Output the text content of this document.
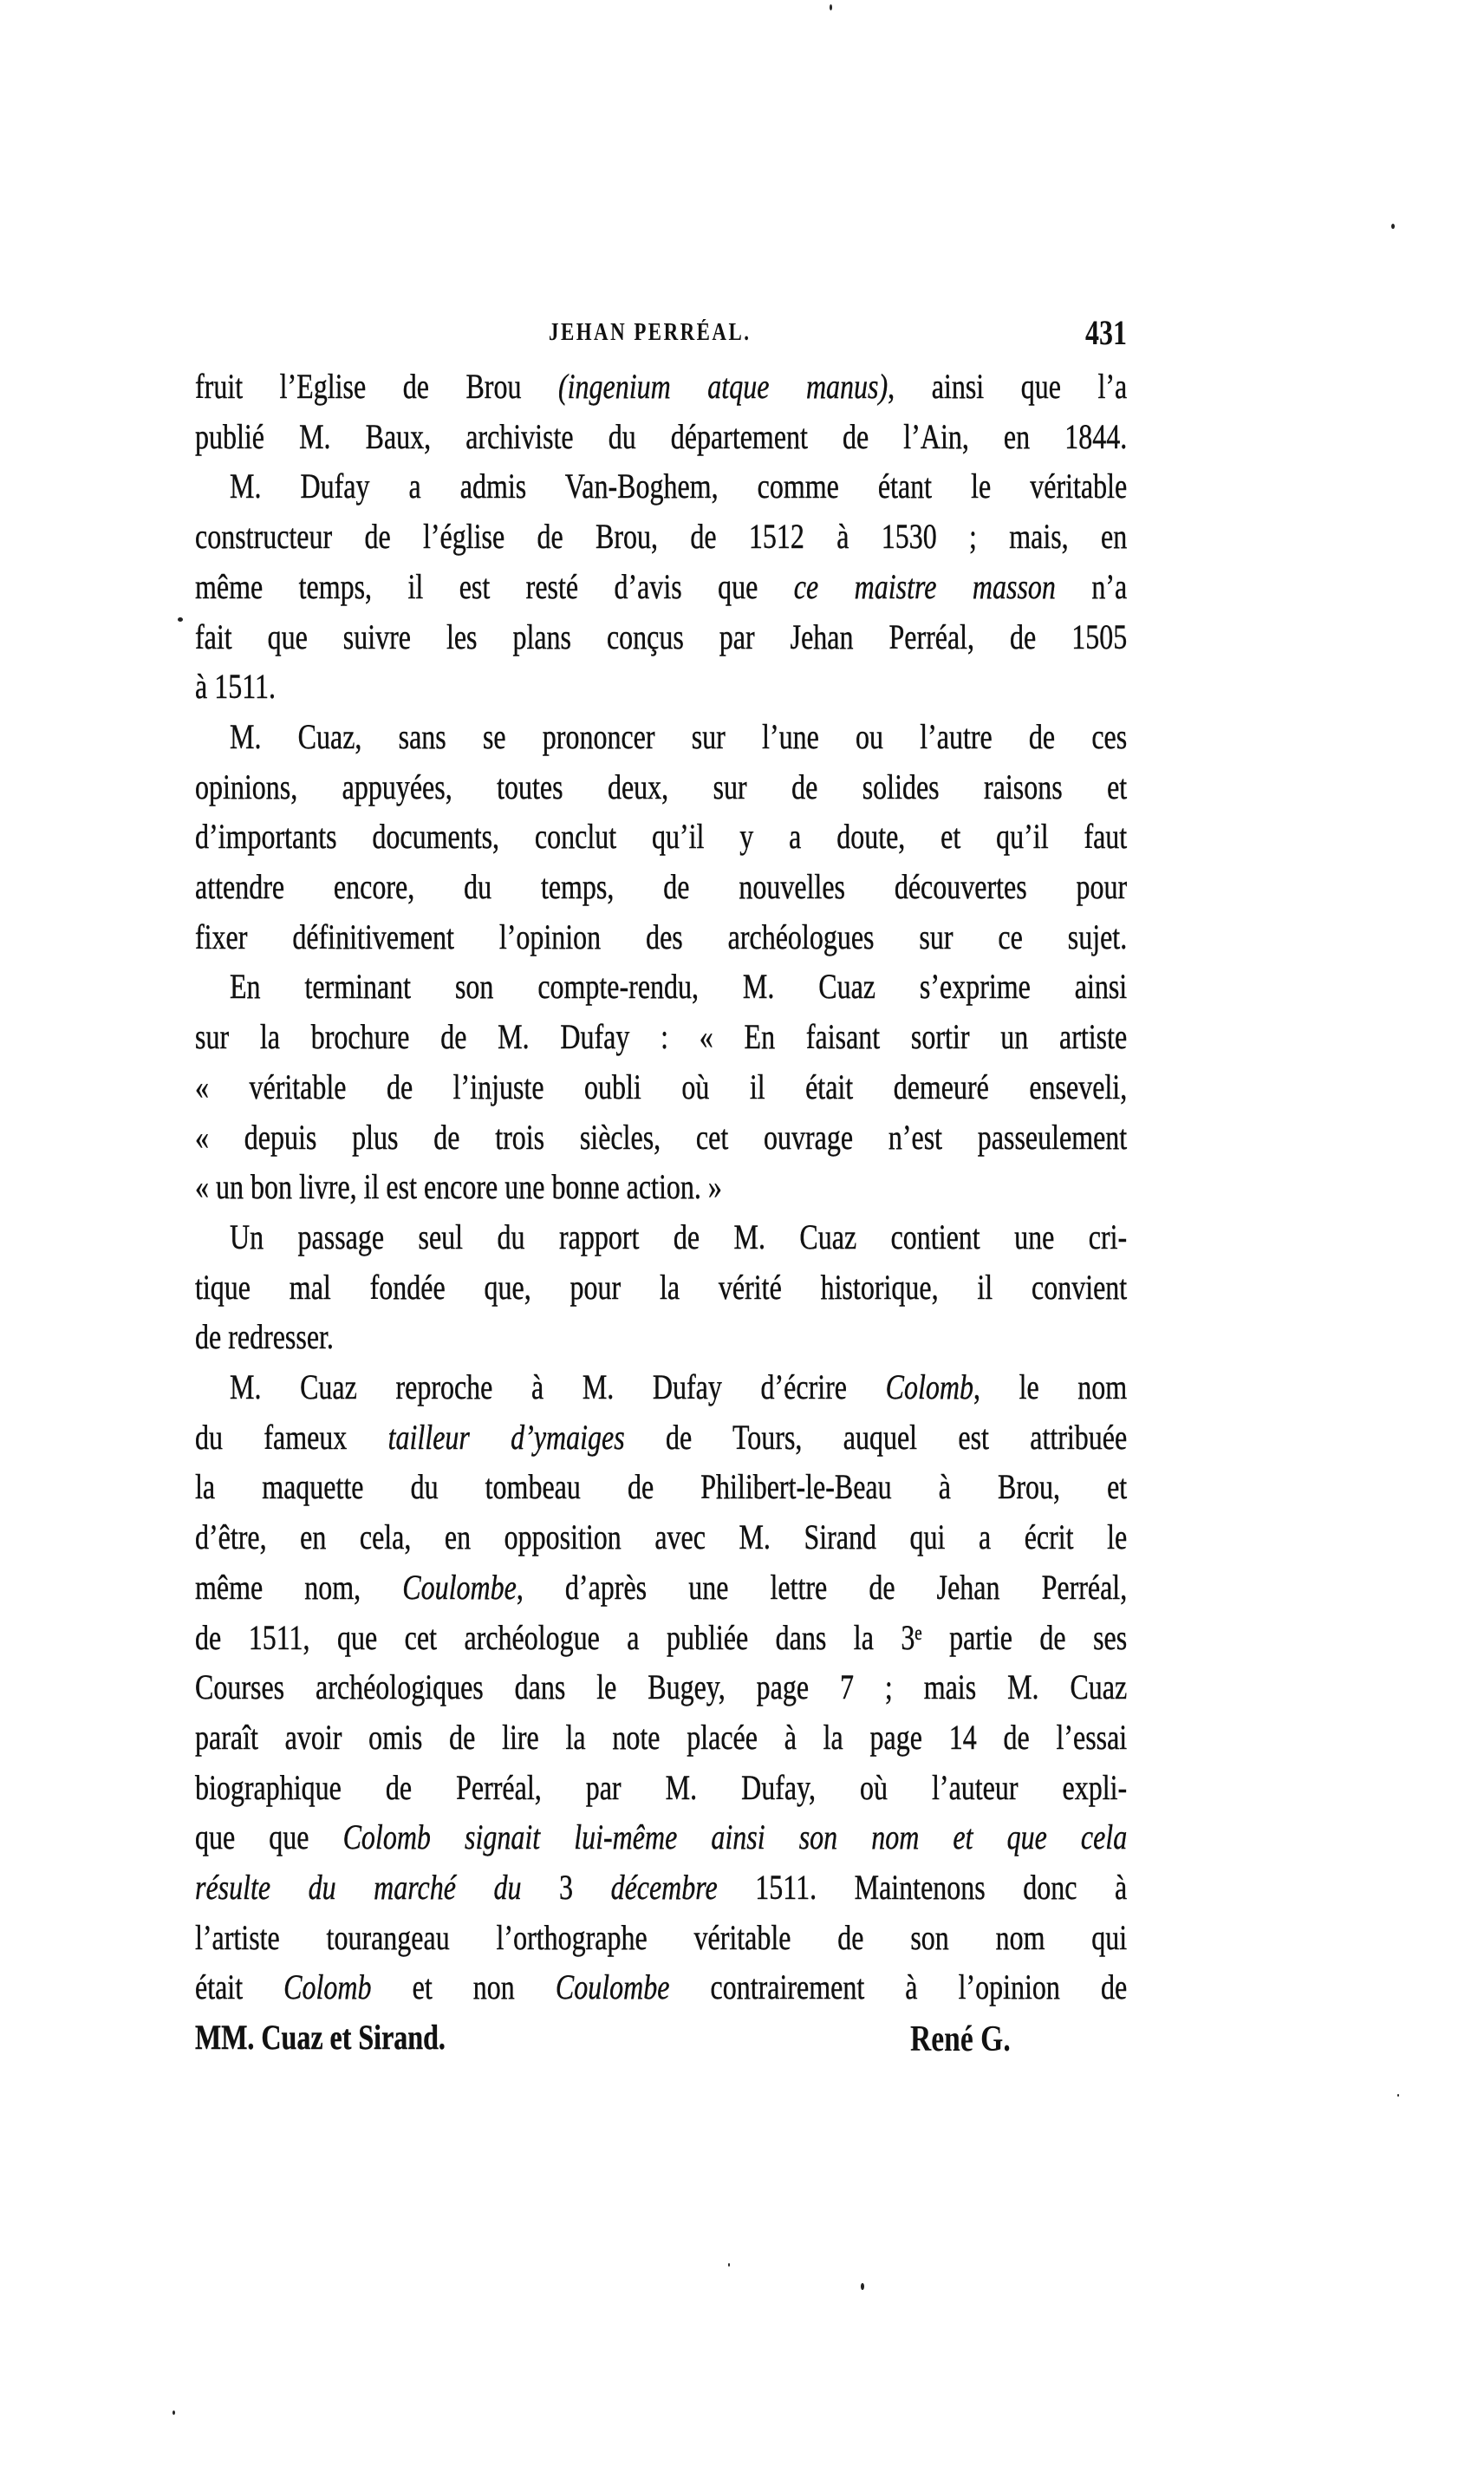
JEHAN PERRÉAL.	431
fruit l’Eglise de Brou (ingenium atque manus), ainsi que l’a
publié M. Baux, archiviste du département de l’Ain, en 1844.
M. Dufay a admis Van-Boghem, comme étant le véritable
constructeur de l’église de Brou, de 1512 à 1530 ; mais, en
même temps, il est resté d’avis que ce maistre masson n’a
fait que suivre les plans conçus par Jehan Perréal, de 1505
à 1511.
M. Cuaz, sans se prononcer sur l’une ou l’autre de ces
opinions, appuyées, toutes deux, sur de solides raisons et
d’importants documents, conclut qu’il y a doute, et qu’il faut
attendre encore, du temps, de nouvelles découvertes pour
fixer définitivement l’opinion des archéologues sur ce sujet.
En terminant son compte-rendu, M. Cuaz s’exprime ainsi
sur la brochure de M. Dufay : « En faisant sortir un artiste
« véritable de l’injuste oubli où il était demeuré enseveli,
« depuis plus de trois siècles, cet ouvrage n’est passeulement
« un bon livre, il est encore une bonne action. »
Un passage seul du rapport de M. Cuaz contient une cri-
tique mal fondée que, pour la vérité historique, il convient
de redresser.
M. Cuaz reproche à M. Dufay d’écrire Colomb, le nom
du fameux tailleur d’ymaiges de Tours, auquel est attribuée
la maquette du tombeau de Philibert-le-Beau à Brou, et
d’être, en cela, en opposition avec M. Sirand qui a écrit le
même nom, Coulombe, d’après une lettre de Jehan Perréal,
de 1511, que cet archéologue a publiée dans la 3ᵉ partie de ses
Courses archéologiques dans le Bugey, page 7 ; mais M. Cuaz
paraît avoir omis de lire la note placée à la page 14 de l’essai
biographique de Perréal, par M. Dufay, où l’auteur expli-
que que Colomb signait lui-même ainsi son nom et que cela
résulte du marché du 3 décembre 1511. Maintenons donc à
l’artiste tourangeau l’orthographe véritable de son nom qui
était Colomb et non Coulombe contrairement à l’opinion de
MM. Cuaz et Sirand.	René G.
